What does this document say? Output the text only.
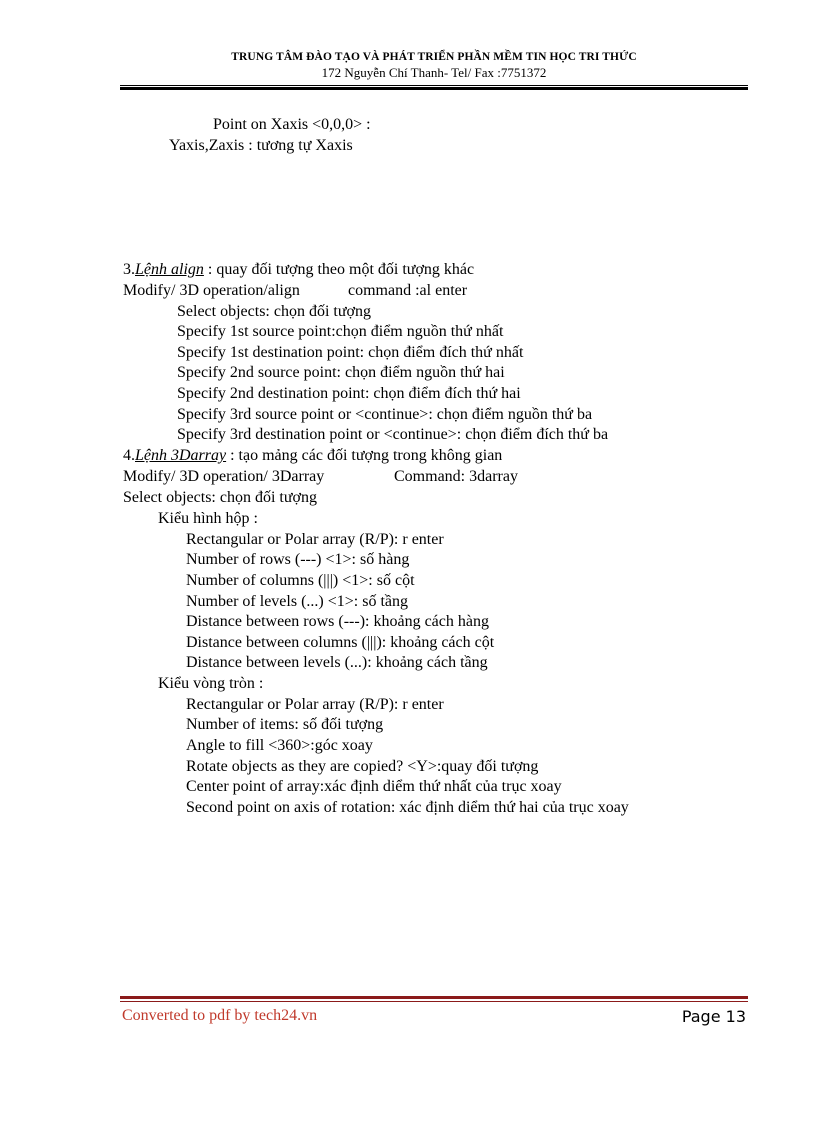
TRUNG TÂM ĐÀO TẠO VÀ PHÁT TRIỂN PHẦN MỀM TIN HỌC TRI THỨC
172 Nguyễn Chí Thanh- Tel/ Fax :7751372
Point on Xaxis <0,0,0> :
Yaxis,Zaxis : tương tự Xaxis
3.Lệnh align : quay đối tượng theo một đối tượng khác
Modify/ 3D operation/align	command :al enter
Select objects: chọn đối tượng
Specify 1st source point:chọn điểm nguồn thứ nhất
Specify 1st destination point: chọn điểm đích thứ nhất
Specify 2nd source point: chọn điểm nguồn thứ hai
Specify 2nd destination point: chọn điểm đích thứ hai
Specify 3rd source point or <continue>: chọn điểm nguồn thứ ba
Specify 3rd destination point or <continue>: chọn điểm đích thứ ba
4.Lệnh 3Darray : tạo mảng các đối tượng trong không gian
Modify/ 3D operation/ 3Darray	Command: 3darray
Select objects: chọn đối tượng
Kiểu hình hộp :
Rectangular or Polar array (R/P): r enter
Number of rows (---) <1>: số hàng
Number of columns (|||) <1>: số cột
Number of levels (...) <1>: số tầng
Distance between rows (---): khoảng cách hàng
Distance between columns (|||): khoảng cách cột
Distance between levels (...): khoảng cách tầng
Kiểu vòng tròn :
Rectangular or Polar array (R/P): r enter
Number of items: số đối tượng
Angle to fill <360>:góc xoay
Rotate objects as they are copied? <Y>:quay đối tượng
Center point of array:xác định diểm thứ nhất của trục xoay
Second point on axis of rotation: xác định diểm thứ hai của trục xoay
Converted to pdf by tech24.vn	Page 13
